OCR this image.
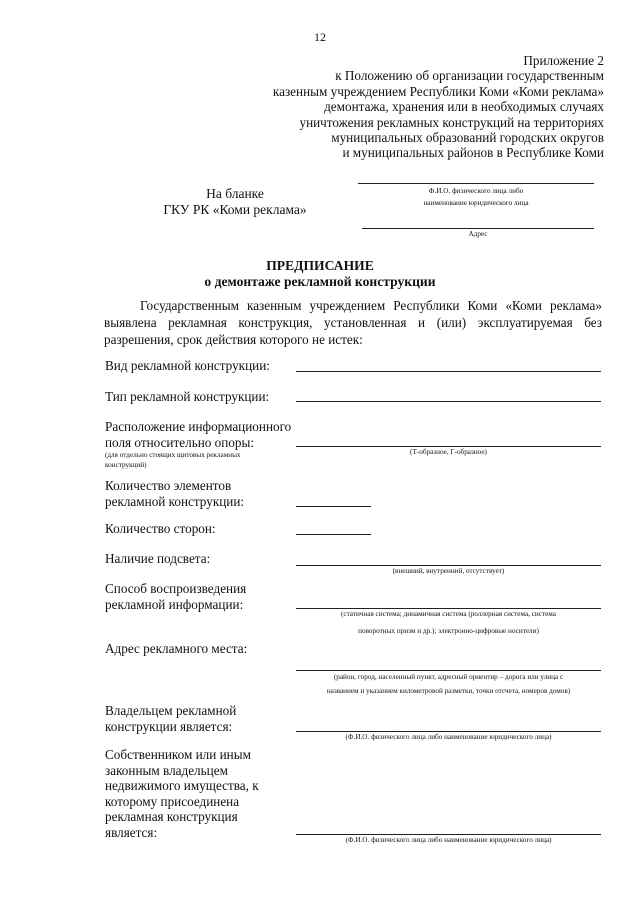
12
Приложение 2
к Положению об организации государственным
казенным учреждением Республики Коми «Коми реклама»
демонтажа, хранения или в необходимых случаях
уничтожения рекламных конструкций на территориях
муниципальных образований городских округов
и муниципальных районов в Республике Коми
На бланке
ГКУ РК «Коми реклама»
Ф.И.О. физического лица либо
наименование юридического лица
Адрес
ПРЕДПИСАНИЕ
о демонтаже рекламной конструкции
Государственным казенным учреждением Республики Коми «Коми реклама»
выявлена рекламная конструкция, установленная и (или) эксплуатируемая без разрешения, срок действия которого не истек:
Вид рекламной конструкции:
Тип рекламной конструкции:
Расположение информационного
поля относительно опоры:
(для отдельно стоящих щитовых рекламных
конструкций)
(Т-образное, Г-образное)
Количество элементов
рекламной конструкции:
Количество сторон:
Наличие подсвета:
(внешний, внутренний, отсутствует)
Способ воспроизведения
рекламной информации:
(статичная система; динамичная система (роллерная система, система
поворотных призм и др.); электронно-цифровые носители)
Адрес рекламного места:
(район, город, населенный пункт, адресный ориентир – дорога или улица с
названием и указанием километровой разметки, точки отсчета, номеров домов)
Владельцем рекламной
конструкции является:
(Ф.И.О. физического лица либо наименование юридического лица)
Собственником или иным
законным владельцем
недвижимого имущества, к
которому присоединена
рекламная конструкция
является:
(Ф.И.О. физического лица либо наименование юридического лица)
